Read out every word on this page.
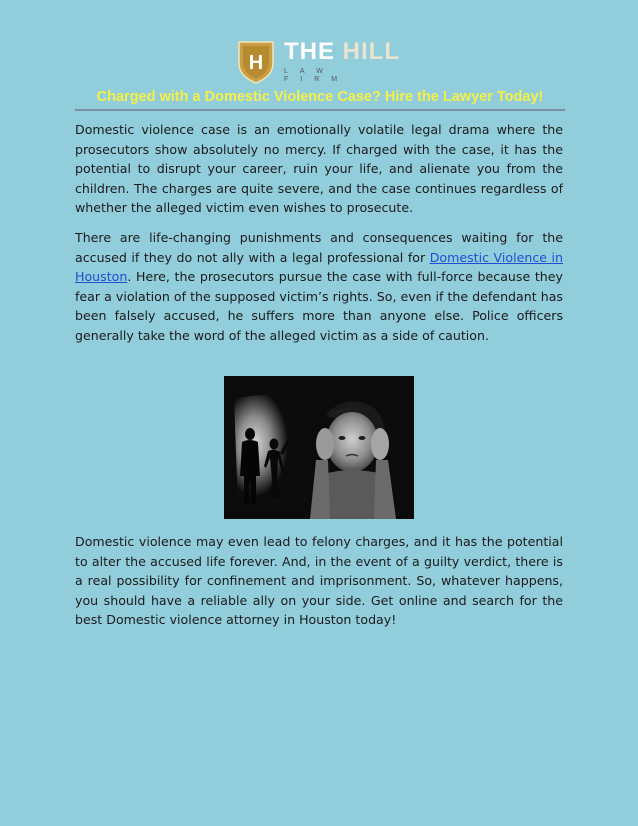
H THE HILL
LAW FIRM
Charged with a Domestic Violence Case? Hire the Lawyer Today!

Domestic violence case is an emotionally volatile legal drama where the prosecutors show absolutely no mercy. If charged with the case, it has the potential to disrupt your career, ruin your life, and alienate you from the children. The charges are quite severe, and the case continues regardless of whether the alleged victim even wishes to prosecute.

There are life-changing punishments and consequences waiting for the accused if they do not ally with a legal professional for Domestic Violence in Houston. Here, the prosecutors pursue the case with full-force because they fear a violation of the supposed victim’s rights. So, even if the defendant has been falsely accused, he suffers more than anyone else. Police officers generally take the word of the alleged victim as a side of caution.

Domestic violence may even lead to felony charges, and it has the potential to alter the accused life forever. And, in the event of a guilty verdict, there is a real possibility for confinement and imprisonment. So, whatever happens, you should have a reliable ally on your side. Get online and search for the best Domestic violence attorney in Houston today!
